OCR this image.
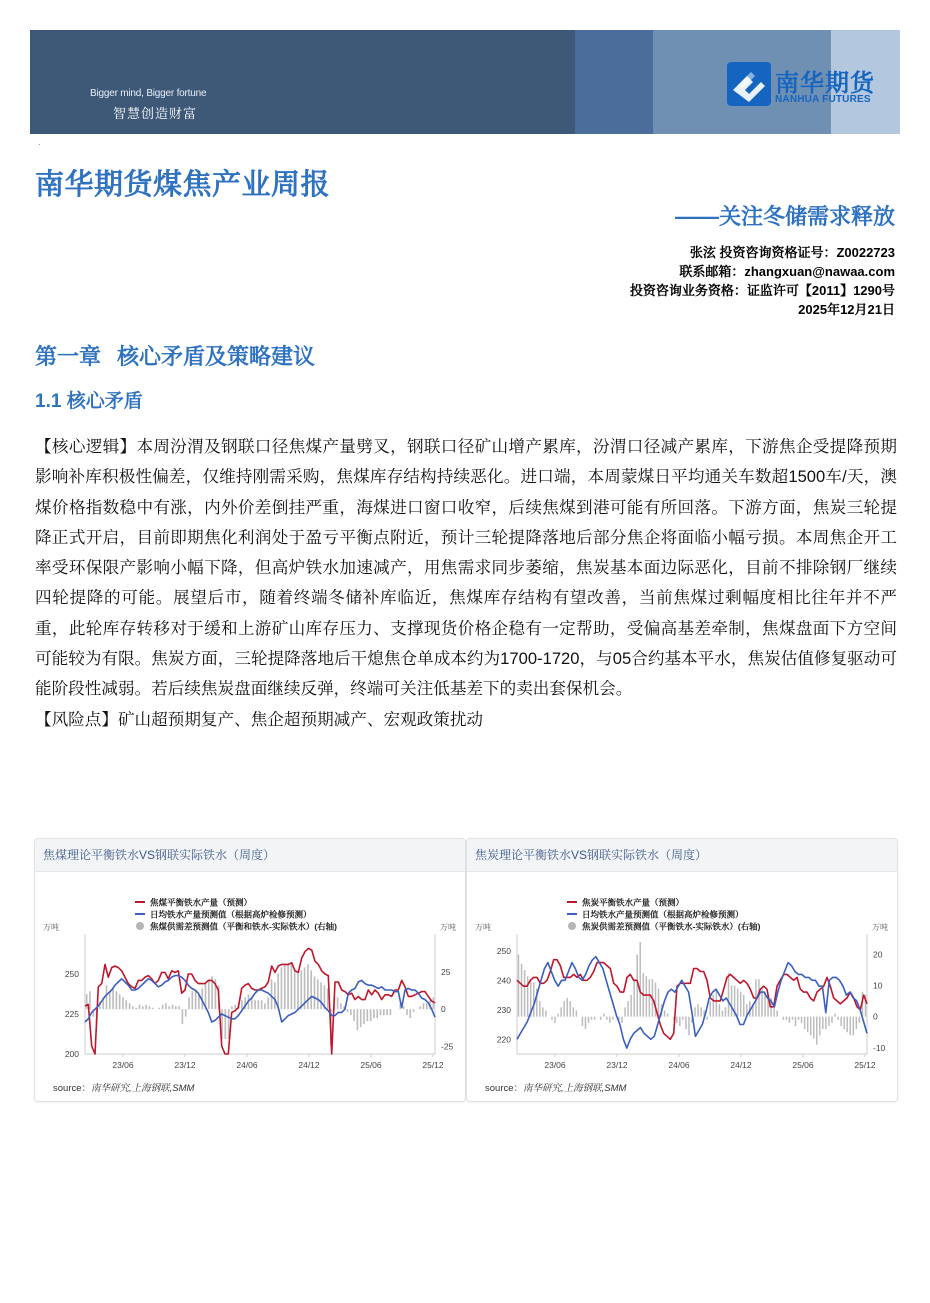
Bigger mind, Bigger fortune
智慧创造财富
南华期货
NANHUA FUTURES
·
南华期货煤焦产业周报
——关注冬储需求释放
张泫 投资咨询资格证号：Z0022723
联系邮箱：zhangxuan@nawaa.com
投资咨询业务资格：证监许可【2011】1290号
2025年12月21日
第一章 核心矛盾及策略建议
1.1 核心矛盾

【核心逻辑】本周汾渭及钢联口径焦煤产量劈叉，钢联口径矿山增产累库，汾渭口径减产累库，下游焦企受提降预期影响补库积极性偏差，仅维持刚需采购，焦煤库存结构持续恶化。进口端，本周蒙煤日平均通关车数超1500车/天，澳煤价格指数稳中有涨，内外价差倒挂严重，海煤进口窗口收窄，后续焦煤到港可能有所回落。下游方面，焦炭三轮提降正式开启，目前即期焦化利润处于盈亏平衡点附近，预计三轮提降落地后部分焦企将面临小幅亏损。本周焦企开工率受环保限产影响小幅下降，但高炉铁水加速减产，用焦需求同步萎缩，焦炭基本面边际恶化，目前不排除钢厂继续四轮提降的可能。展望后市，随着终端冬储补库临近，焦煤库存结构有望改善，当前焦煤过剩幅度相比往年并不严重，此轮库存转移对于缓和上游矿山库存压力、支撑现货价格企稳有一定帮助，受偏高基差牵制，焦煤盘面下方空间可能较为有限。焦炭方面，三轮提降落地后干熄焦仓单成本约为1700-1720，与05合约基本平水，焦炭估值修复驱动可能阶段性减弱。若后续焦炭盘面继续反弹，终端可关注低基差下的卖出套保机会。

【风险点】矿山超预期复产、焦企超预期减产、宏观政策扰动

焦煤理论平衡铁水VS钢联实际铁水（周度）
焦煤平衡铁水产量（预测）
日均铁水产量预测值（根据高炉检修预测）
焦煤供需差预测值（平衡和铁水-实际铁水）(右轴)
万吨	万吨
200
225
250
-25
0
25
23/06	23/12	24/06	24/12	25/06	25/12
source：南华研究,上海钢联,SMM
焦炭理论平衡铁水VS钢联实际铁水（周度）
焦炭平衡铁水产量（预测）
日均铁水产量预测值（根据高炉检修预测）
焦炭供需差预测值（平衡铁水-实际铁水）(右轴)
万吨	万吨
220
230
240
250
-10
0
10
20
23/06	23/12	24/06	24/12	25/06	25/12
source：南华研究,上海钢联,SMM
